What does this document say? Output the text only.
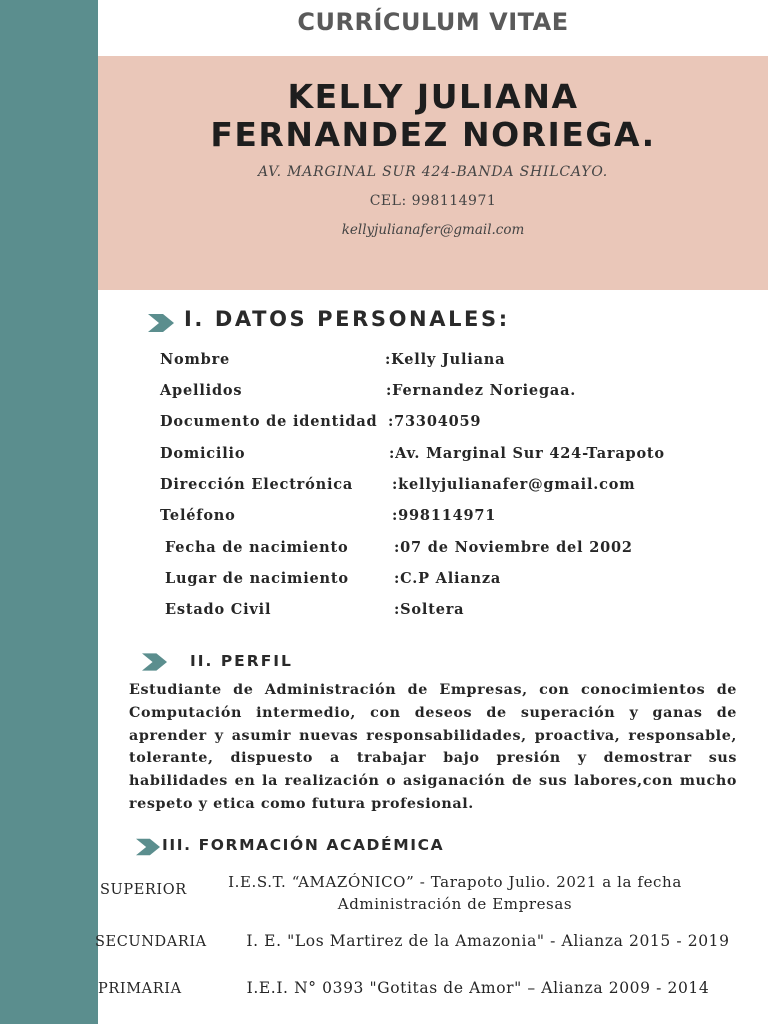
CURRÍCULUM VITAE
KELLY JULIANA
FERNANDEZ NORIEGA.
AV. MARGINAL SUR 424-BANDA SHILCAYO.
CEL: 998114971
kellyjulianafer@gmail.com
I. DATOS PERSONALES:
Nombre	:Kelly Juliana
Apellidos	:Fernandez Noriegaa.
Documento de identidad :73304059
Domicilio	:Av. Marginal Sur 424-Tarapoto
Dirección Electrónica	:kellyjulianafer@gmail.com
Teléfono	:998114971
Fecha de nacimiento	:07 de Noviembre del 2002
Lugar de nacimiento	:C.P Alianza
Estado Civil	:Soltera
II. PERFIL
Estudiante de Administración de Empresas, con conocimientos de Computación intermedio, con deseos de superación y ganas de aprender y asumir nuevas responsabilidades, proactiva, responsable, tolerante, dispuesto a trabajar bajo presión y demostrar sus habilidades en la realización o asiganación de sus labores,con mucho respeto y etica como futura profesional.
III. FORMACIÓN ACADÉMICA
SUPERIOR	I.E.S.T. “AMAZÓNICO” - Tarapoto Julio. 2021 a la fecha
Administración de Empresas
SECUNDARIA	I. E. "Los Martirez de la Amazonia" - Alianza 2015 - 2019
PRIMARIA	I.E.I. N° 0393 "Gotitas de Amor" – Alianza 2009 - 2014
